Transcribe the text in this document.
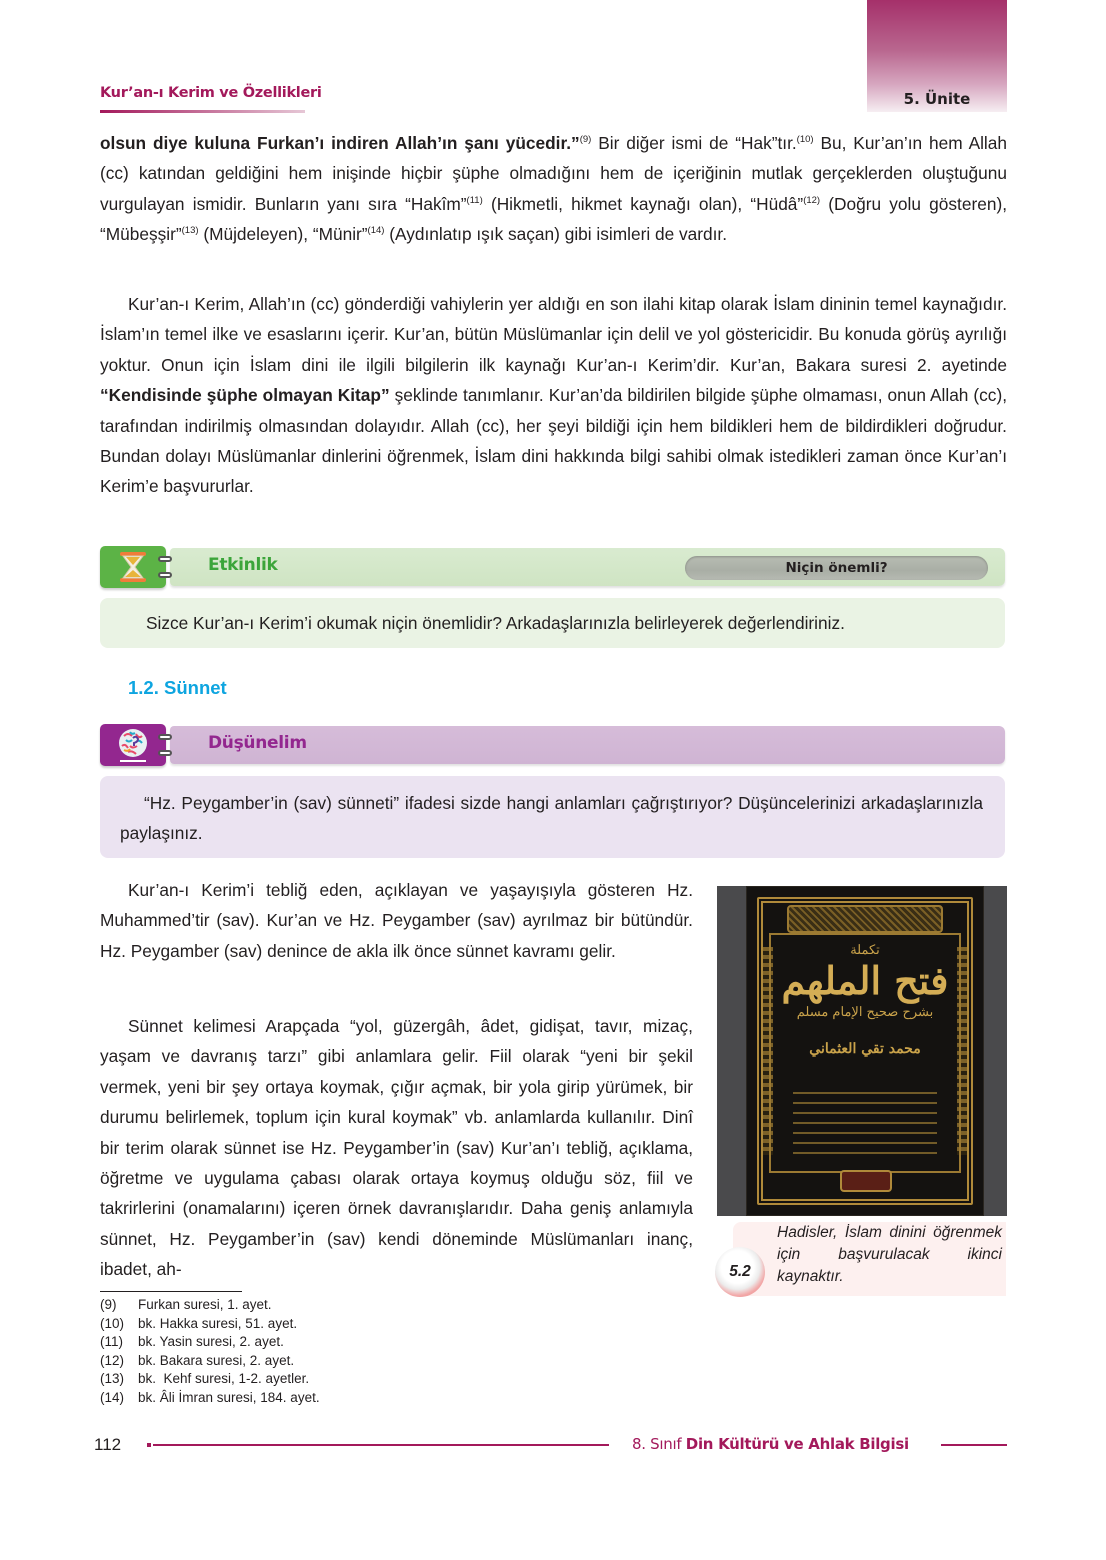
5. Ünite
Kur’an-ı Kerim ve Özellikleri

olsun diye kuluna Furkan’ı indiren Allah’ın şanı yücedir.”$^{(9)}$ Bir diğer ismi de “Hak”tır.$^{(10)}$ Bu, Kur’an’ın hem Allah (cc) katından geldiğini hem inişinde hiçbir şüphe olmadığını hem de içeriğinin mutlak gerçeklerden oluştuğunu vurgulayan ismidir. Bunların yanı sıra “Hakîm”$^{(11)}$ (Hikmetli, hikmet kaynağı olan), “Hüdâ”$^{(12)}$ (Doğru yolu gösteren), “Mübeşşir”$^{(13)}$ (Müjdeleyen), “Münir”$^{(14)}$ (Aydınlatıp ışık saçan) gibi isimleri de vardır.

Kur’an-ı Kerim, Allah’ın (cc) gönderdiği vahiylerin yer aldığı en son ilahi kitap olarak İslam dininin temel kaynağıdır. İslam’ın temel ilke ve esaslarını içerir. Kur’an, bütün Müslümanlar için delil ve yol göstericidir. Bu konuda görüş ayrılığı yoktur. Onun için İslam dini ile ilgili bilgilerin ilk kaynağı Kur’an-ı Kerim’dir. Kur’an, Bakara suresi 2. ayetinde “Kendisinde şüphe olmayan Kitap” şeklinde tanımlanır. Kur’an’da bildirilen bilgide şüphe olmaması, onun Allah (cc), tarafından indirilmiş olmasından dolayıdır. Allah (cc), her şeyi bildiği için hem bildikleri hem de bildirdikleri doğrudur. Bundan dolayı Müslümanlar dinlerini öğrenmek, İslam dini hakkında bilgi sahibi olmak istedikleri zaman önce Kur’an’ı Kerim’e başvururlar.

Etkinlik	Niçin önemli?
Sizce Kur’an-ı Kerim’i okumak niçin önemlidir? Arkadaşlarınızla belirleyerek değerlendiriniz.
1.2. Sünnet
Düşünelim

“Hz. Peygamber’in (sav) sünneti” ifadesi sizde hangi anlamları çağrıştırıyor? Düşüncelerinizi arkadaşlarınızla paylaşınız.

Kur’an-ı Kerim’i tebliğ eden, açıklayan ve yaşayışıyla gösteren Hz. Muhammed’tir (sav). Kur’an ve Hz. Peygamber (sav) ayrılmaz bir bütündür. Hz. Peygamber (sav) denince de akla ilk önce sünnet kavramı gelir.

Sünnet kelimesi Arapçada “yol, güzergâh, âdet, gidişat, tavır, mizaç, yaşam ve davranış tarzı” gibi anlamlara gelir. Fiil olarak “yeni bir şekil vermek, yeni bir şey ortaya koymak, çığır açmak, bir yola girip yürümek, bir durumu belirlemek, toplum için kural koymak” vb. anlamlarda kullanılır. Dinî bir terim olarak sünnet ise Hz. Peygamber’in (sav) Kur’an’ı tebliğ, açıklama, öğretme ve uygulama çabası olarak ortaya koymuş olduğu söz, fiil ve takrirlerini (onamalarını) içeren örnek davranışlarıdır. Daha geniş anlamıyla sünnet, Hz. Peygamber’in (sav) kendi döneminde Müslümanları inanç, ibadet, ah-

تكملة
فتح الملهم
بشرح صحيح الإمام مسلم
محمد تقي العثماني
5.2
Hadisler, İslam dinini öğrenmek için başvurulacak ikinci kaynaktır.
(9)	Furkan suresi, 1. ayet.
(10)	bk. Hakka suresi, 51. ayet.
(11)	bk. Yasin suresi, 2. ayet.
(12)	bk. Bakara suresi, 2. ayet.
(13)	bk.  Kehf suresi, 1-2. ayetler.
(14)	bk. Âli İmran suresi, 184. ayet.
112	8. Sınıf Din Kültürü ve Ahlak Bilgisi
